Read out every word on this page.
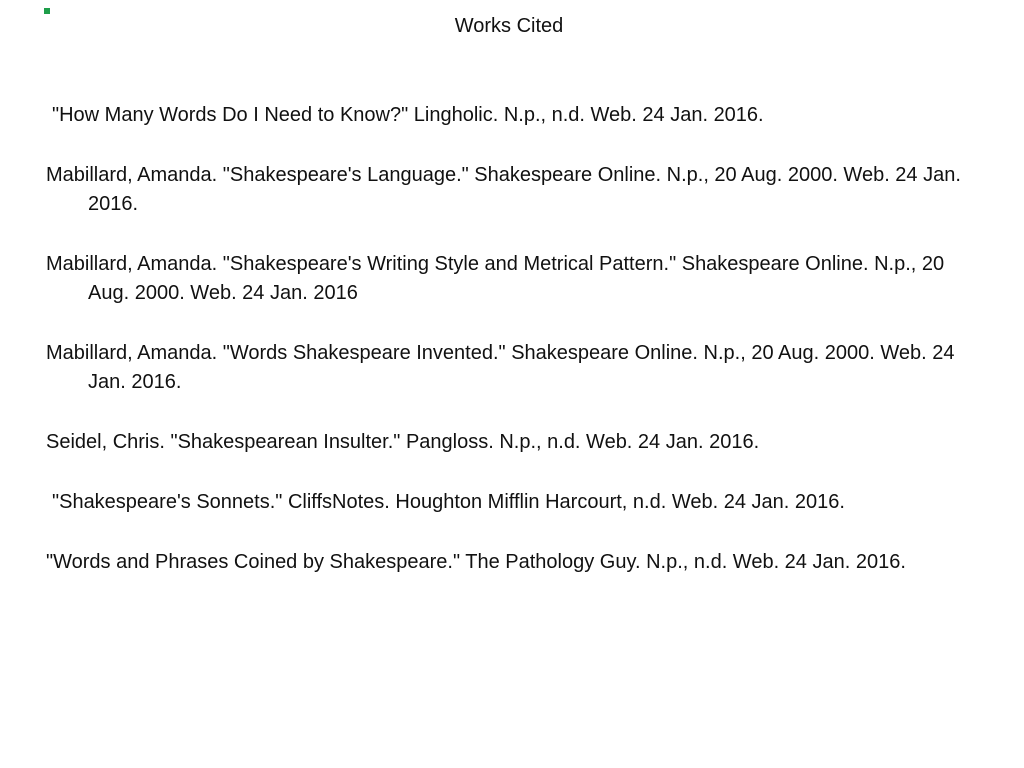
Works Cited
"How Many Words Do I Need to Know?" Lingholic. N.p., n.d. Web. 24 Jan. 2016.
Mabillard, Amanda. "Shakespeare's Language." Shakespeare Online. N.p., 20 Aug. 2000. Web. 24 Jan. 2016.
Mabillard, Amanda. "Shakespeare's Writing Style and Metrical Pattern." Shakespeare Online. N.p., 20 Aug. 2000. Web. 24 Jan. 2016
Mabillard, Amanda. "Words Shakespeare Invented." Shakespeare Online. N.p., 20 Aug. 2000. Web. 24 Jan. 2016.
Seidel, Chris. "Shakespearean Insulter." Pangloss. N.p., n.d. Web. 24 Jan. 2016.
"Shakespeare's Sonnets." CliffsNotes. Houghton Mifflin Harcourt, n.d. Web. 24 Jan. 2016.
"Words and Phrases Coined by Shakespeare." The Pathology Guy. N.p., n.d. Web. 24 Jan. 2016.
